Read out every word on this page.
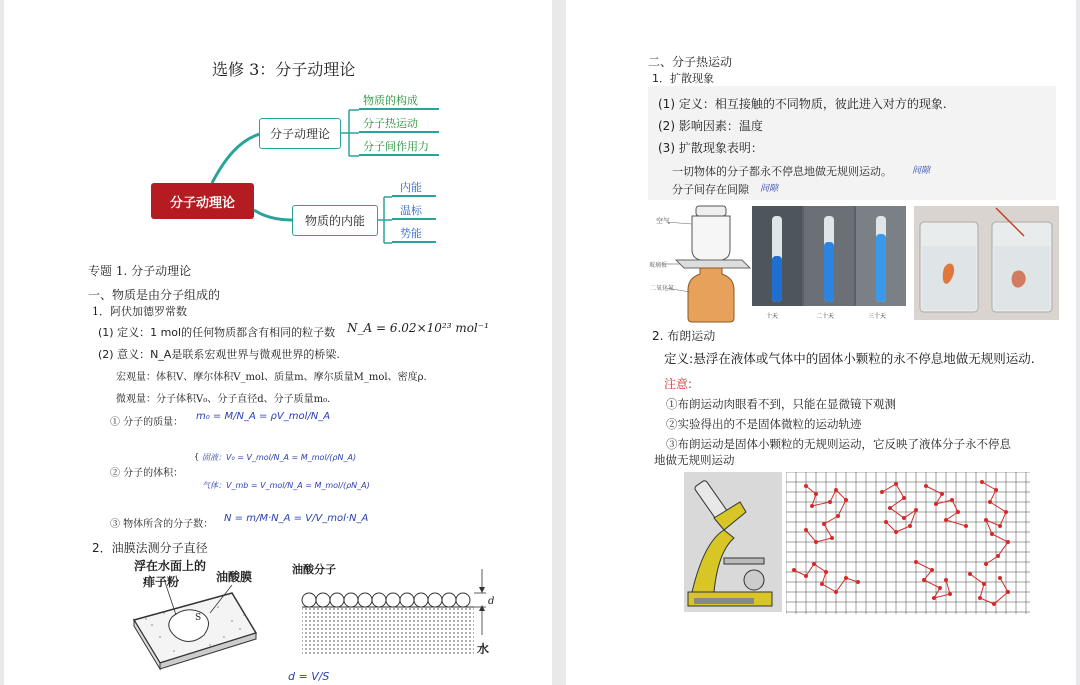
选修 3：分子动理论
分子动理论
分子动理论
物质的内能
物质的构成
分子热运动
分子间作用力
内能
温标
势能
专题 1. 分子动理论
一、物质是由分子组成的
1．阿伏加德罗常数
(1) 定义：1 mol的任何物质都含有相同的粒子数 N_A = 6.02×10²³ mol⁻¹
(2) 意义：N_A是联系宏观世界与微观世界的桥梁.
宏观量：体积V、摩尔体积V_mol、质量m、摩尔质量M_mol、密度ρ.
微观量：分子体积V₀、分子直径d、分子质量m₀.
① 分子的质量：
m₀ = M/N_A = ρV_mol/N_A
② 分子的体积：
{ 固液：V₀ = V_mol/N_A = M_mol/(ρN_A)
气体：V_mb = V_mol/N_A = M_mol/(ρN_A)
③ 物体所含的分子数：
N = m/M·N_A = V/V_mol·N_A
2．油膜法测分子直径
浮在水面上的
痱子粉	油酸膜
油酸分子
S
d
水
d = V/S
二、分子热运动
1．扩散现象
(1) 定义：相互接触的不同物质，彼此进入对方的现象.
(2) 影响因素：温度
(3) 扩散现象表明：
一切物体的分子都永不停息地做无规则运动。 间隙
分子间存在间隙 间隙
空气
玻璃板
二氧化氮
十天	二十天	三十天
2. 布朗运动
定义:悬浮在液体或气体中的固体小颗粒的永不停息地做无规则运动.
注意:
①布朗运动肉眼看不到，只能在显微镜下观测
②实验得出的不是固体微粒的运动轨迹
③布朗运动是固体小颗粒的无规则运动，它反映了液体分子永不停息
地做无规则运动
